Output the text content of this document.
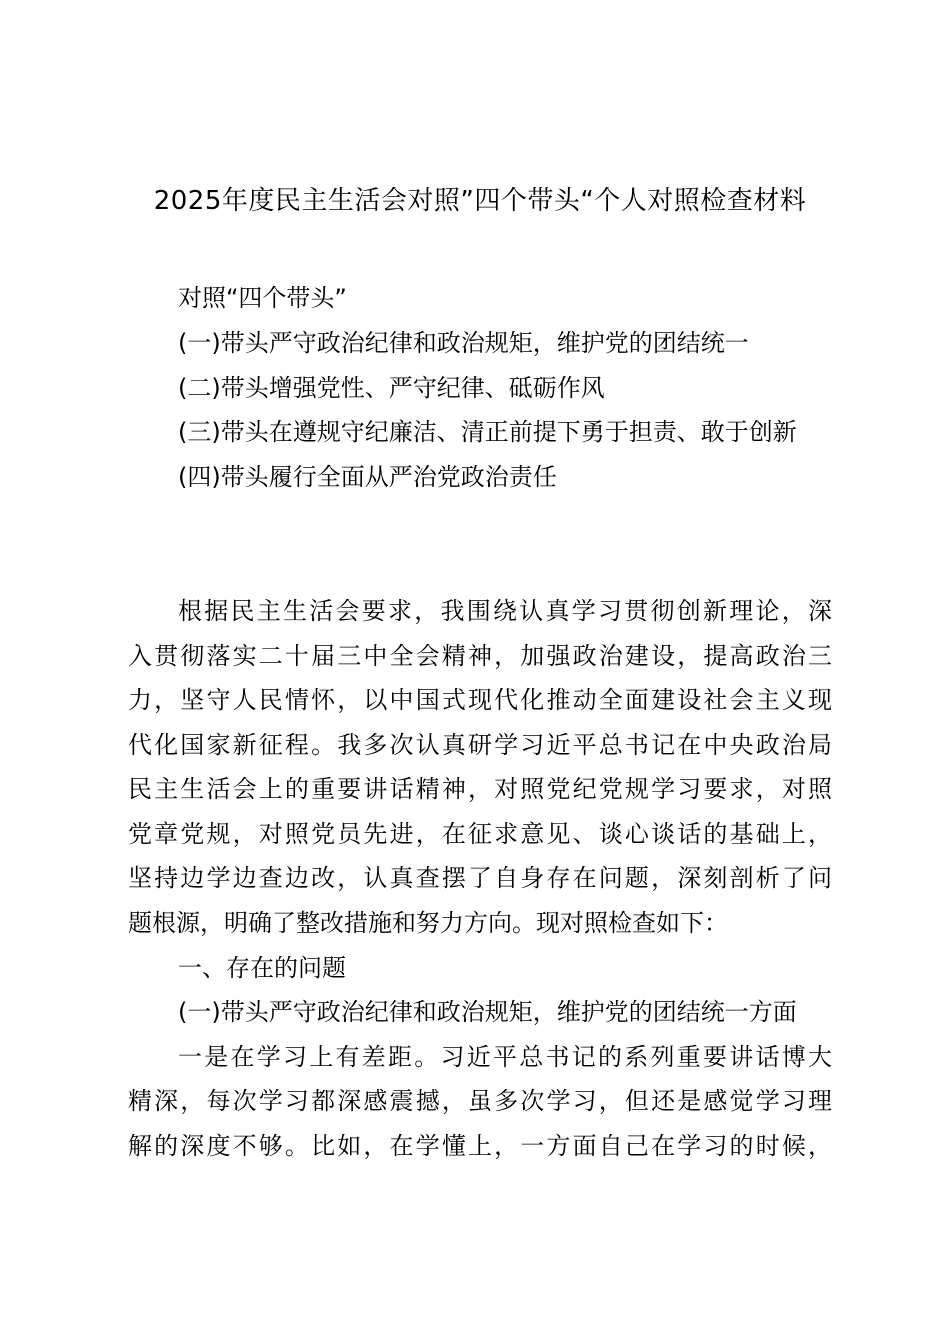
2025年度民主生活会对照”四个带头“个人对照检查材料
对照“四个带头”
(一)带头严守政治纪律和政治规矩，维护党的团结统一
(二)带头增强党性、严守纪律、砥砺作风
(三)带头在遵规守纪廉洁、清正前提下勇于担责、敢于创新
(四)带头履行全面从严治党政治责任
根据民主生活会要求，我围绕认真学习贯彻创新理论，深
入贯彻落实二十届三中全会精神，加强政治建设，提高政治三
力，坚守人民情怀，以中国式现代化推动全面建设社会主义现
代化国家新征程。我多次认真研学习近平总书记在中央政治局
民主生活会上的重要讲话精神，对照党纪党规学习要求，对照
党章党规，对照党员先进，在征求意见、谈心谈话的基础上，
坚持边学边查边改，认真查摆了自身存在问题，深刻剖析了问
题根源，明确了整改措施和努力方向。现对照检查如下：
一、存在的问题
(一)带头严守政治纪律和政治规矩，维护党的团结统一方面
一是在学习上有差距。习近平总书记的系列重要讲话博大
精深，每次学习都深感震撼，虽多次学习，但还是感觉学习理
解的深度不够。比如，在学懂上，一方面自己在学习的时候，
